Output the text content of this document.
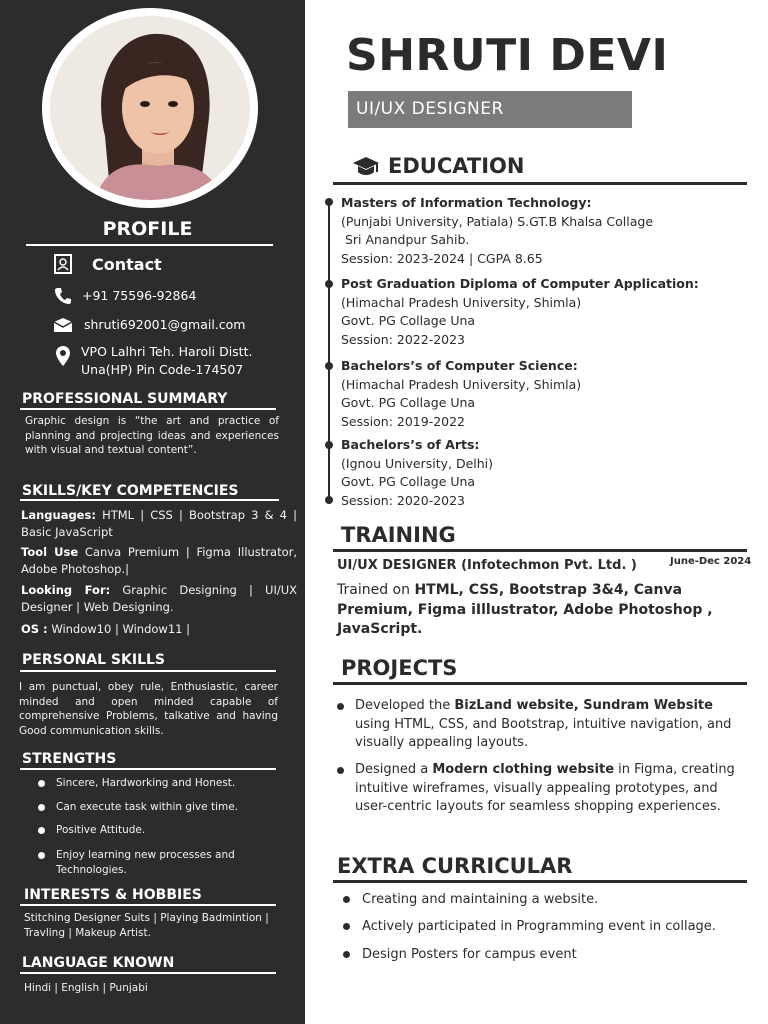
PROFILE
Contact
+91 75596-92864
shruti692001@gmail.com
VPO Lalhri Teh. Haroli Distt.
Una(HP) Pin Code-174507
PROFESSIONAL SUMMARY
Graphic design is “the art and practice of planning and projecting ideas and experiences with visual and textual content”.
SKILLS/KEY COMPETENCIES
Languages: HTML | CSS | Bootstrap 3 & 4 | Basic JavaScript
Tool Use Canva Premium | Figma Illustrator, Adobe Photoshop.|
Looking For: Graphic Designing | UI/UX Designer | Web Designing.
OS : Window10 | Window11 |
PERSONAL SKILLS
I am punctual, obey rule, Enthusiastic, career minded and open minded capable of comprehensive Problems, talkative and having Good communication skills.
STRENGTHS
Sincere, Hardworking and Honest.
Can execute task within give time.
Positive Attitude.
Enjoy learning new processes and Technologies.
INTERESTS & HOBBIES
Stitching Designer Suits | Playing Badmintion | Travling | Makeup Artist.
LANGUAGE KNOWN
Hindi | English | Punjabi
SHRUTI DEVI
UI/UX DESIGNER
EDUCATION
Masters of Information Technology:
(Punjabi University, Patiala) S.GT.B Khalsa Collage
Sri Anandpur Sahib.
Session: 2023-2024 | CGPA 8.65
Post Graduation Diploma of Computer Application:
(Himachal Pradesh University, Shimla)
Govt. PG Collage Una
Session: 2022-2023
Bachelors’s of Computer Science:
(Himachal Pradesh University, Shimla)
Govt. PG Collage Una
Session: 2019-2022
Bachelors’s of Arts:
(Ignou University, Delhi)
Govt. PG Collage Una
Session: 2020-2023
TRAINING
UI/UX DESIGNER (Infotechmon Pvt. Ltd. )	June-Dec 2024
Trained on HTML, CSS, Bootstrap 3&4, Canva Premium, Figma iIllustrator, Adobe Photoshop , JavaScript.
PROJECTS
Developed the BizLand website, Sundram Website using HTML, CSS, and Bootstrap, intuitive navigation, and visually appealing layouts.
Designed a Modern clothing website in Figma, creating intuitive wireframes, visually appealing prototypes, and user-centric layouts for seamless shopping experiences.
EXTRA CURRICULAR
Creating and maintaining a website.
Actively participated in Programming event in collage.
Design Posters for campus event
